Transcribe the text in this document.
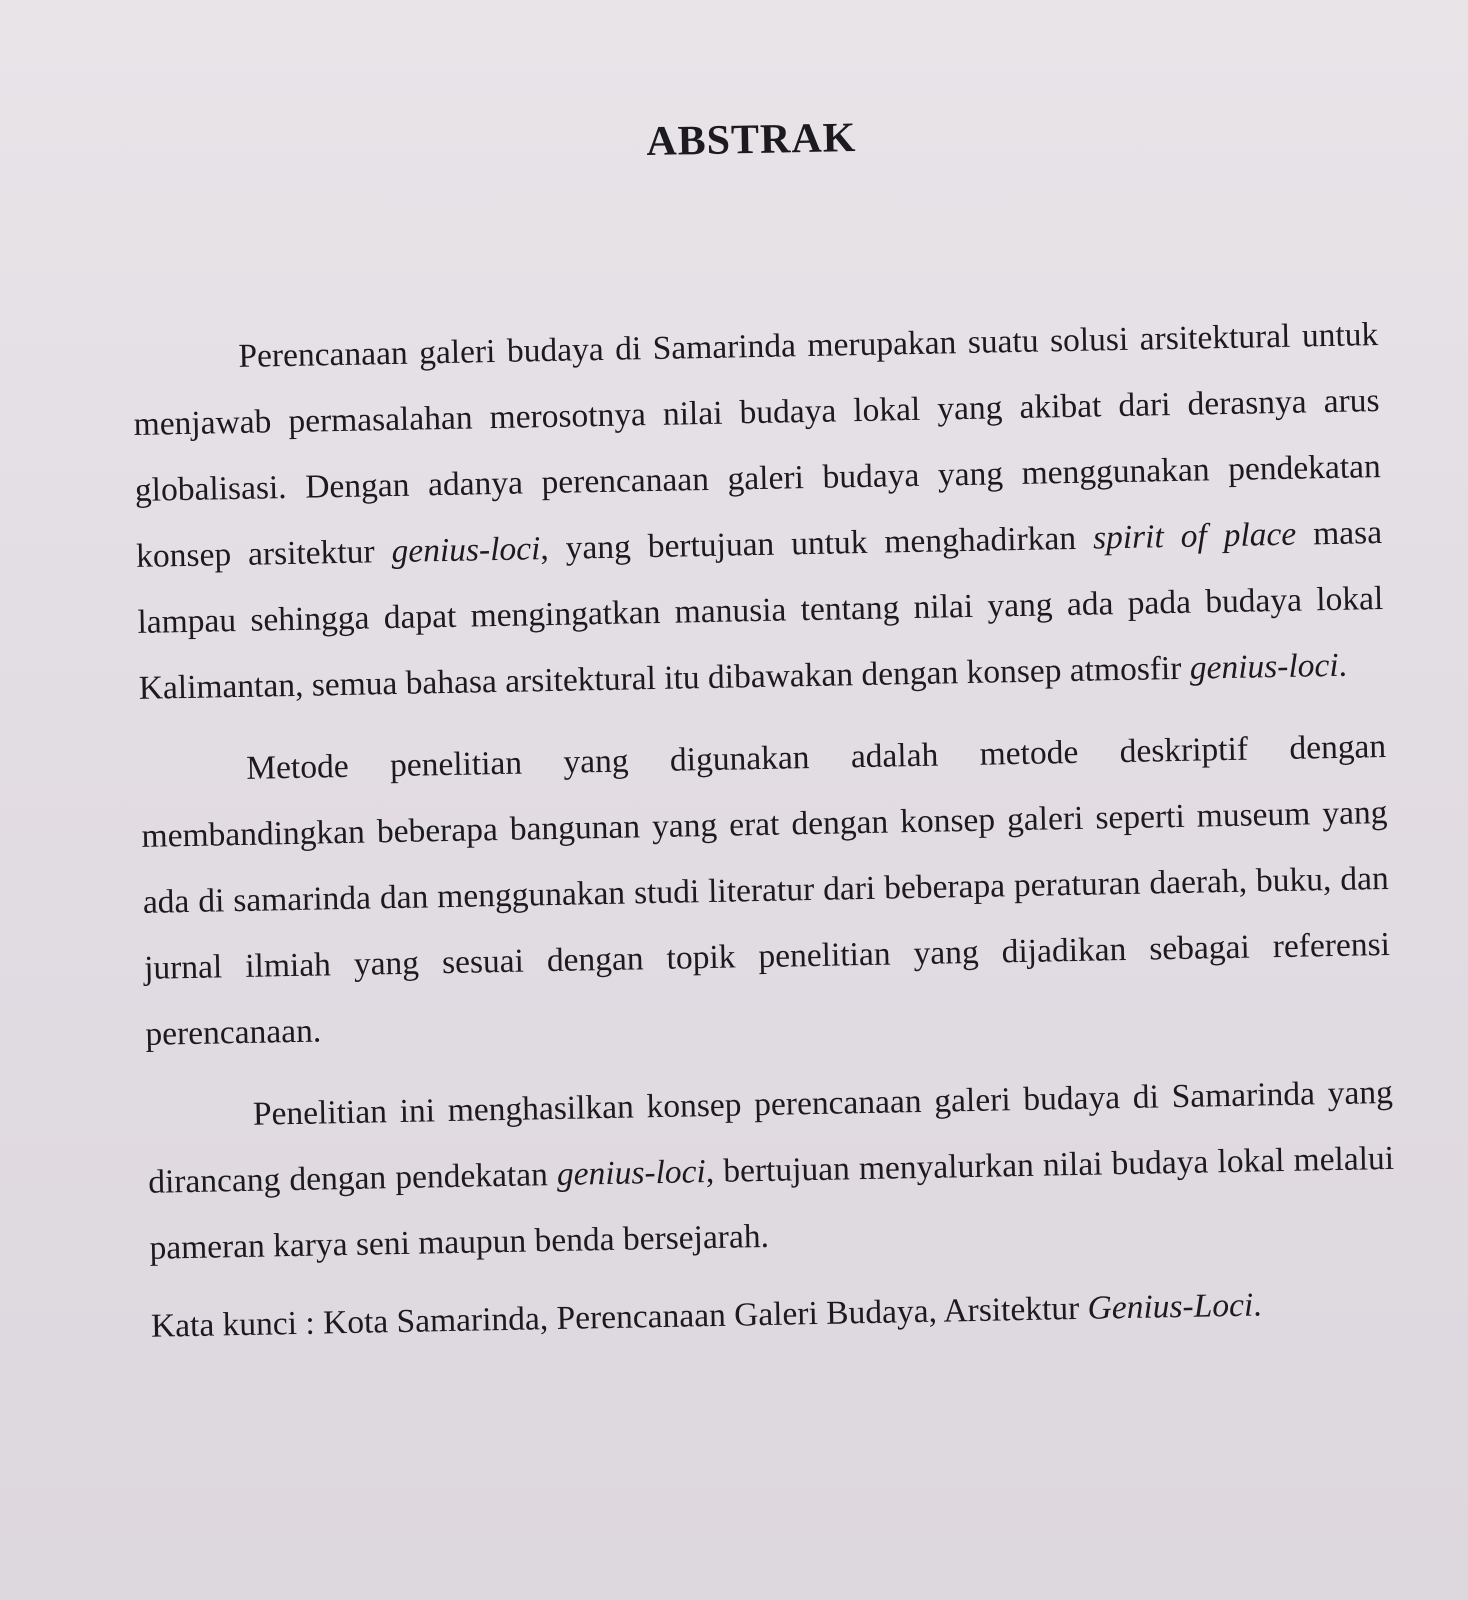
ABSTRAK

Perencanaan galeri budaya di Samarinda merupakan suatu solusi arsitektural untuk menjawab permasalahan merosotnya nilai budaya lokal yang akibat dari derasnya arus globalisasi. Dengan adanya perencanaan galeri budaya yang menggunakan pendekatan konsep arsitektur genius-loci, yang bertujuan untuk menghadirkan spirit of place masa lampau sehingga dapat mengingatkan manusia tentang nilai yang ada pada budaya lokal Kalimantan, semua bahasa arsitektural itu dibawakan dengan konsep atmosfir genius-loci.

Metode penelitian yang digunakan adalah metode deskriptif dengan membandingkan beberapa bangunan yang erat dengan konsep galeri seperti museum yang ada di samarinda dan menggunakan studi literatur dari beberapa peraturan daerah, buku, dan jurnal ilmiah yang sesuai dengan topik penelitian yang dijadikan sebagai referensi perencanaan.

Penelitian ini menghasilkan konsep perencanaan galeri budaya di Samarinda yang dirancang dengan pendekatan genius-loci, bertujuan menyalurkan nilai budaya lokal melalui pameran karya seni maupun benda bersejarah.

Kata kunci : Kota Samarinda, Perencanaan Galeri Budaya, Arsitektur Genius-Loci.
